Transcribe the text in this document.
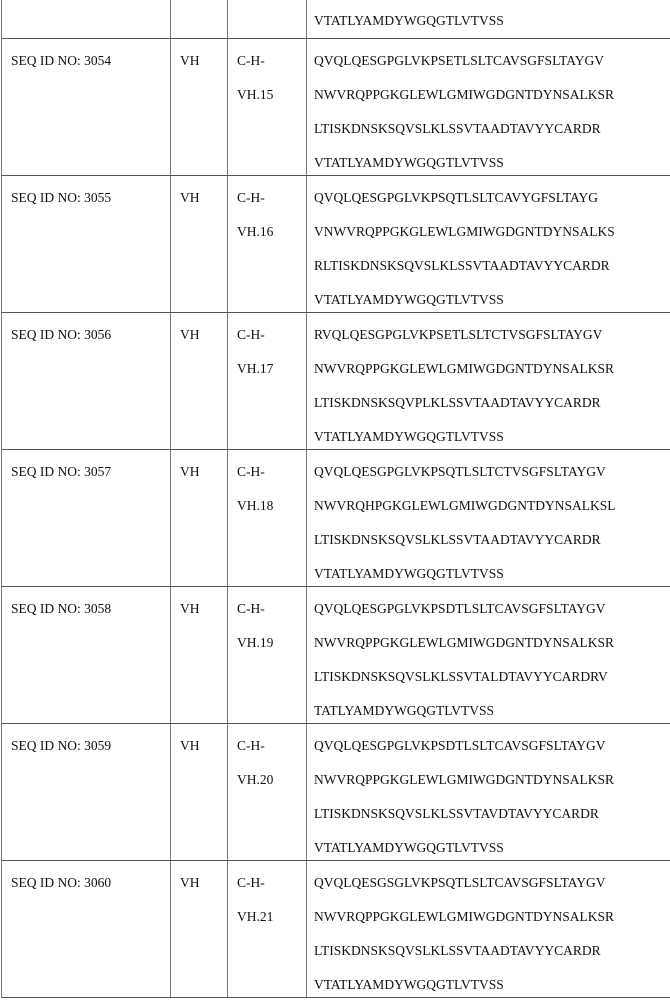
VTATLYAMDYWGQGTLVTVSS
SEQ ID NO: 3054	VH	C-H-
VH.15
QVQLQESGPGLVKPSETLSLTCAVSGFSLTAYGV
NWVRQPPGKGLEWLGMIWGDGNTDYNSALKSR
LTISKDNSKSQVSLKLSSVTAADTAVYYCARDR
VTATLYAMDYWGQGTLVTVSS
SEQ ID NO: 3055	VH	C-H-
VH.16
QVQLQESGPGLVKPSQTLSLTCAVYGFSLTAYG
VNWVRQPPGKGLEWLGMIWGDGNTDYNSALKS
RLTISKDNSKSQVSLKLSSVTAADTAVYYCARDR
VTATLYAMDYWGQGTLVTVSS
SEQ ID NO: 3056	VH	C-H-
VH.17
RVQLQESGPGLVKPSETLSLTCTVSGFSLTAYGV
NWVRQPPGKGLEWLGMIWGDGNTDYNSALKSR
LTISKDNSKSQVPLKLSSVTAADTAVYYCARDR
VTATLYAMDYWGQGTLVTVSS
SEQ ID NO: 3057	VH	C-H-
VH.18
QVQLQESGPGLVKPSQTLSLTCTVSGFSLTAYGV
NWVRQHPGKGLEWLGMIWGDGNTDYNSALKSL
LTISKDNSKSQVSLKLSSVTAADTAVYYCARDR
VTATLYAMDYWGQGTLVTVSS
SEQ ID NO: 3058	VH	C-H-
VH.19
QVQLQESGPGLVKPSDTLSLTCAVSGFSLTAYGV
NWVRQPPGKGLEWLGMIWGDGNTDYNSALKSR
LTISKDNSKSQVSLKLSSVTALDTAVYYCARDRV
TATLYAMDYWGQGTLVTVSS
SEQ ID NO: 3059	VH	C-H-
VH.20
QVQLQESGPGLVKPSDTLSLTCAVSGFSLTAYGV
NWVRQPPGKGLEWLGMIWGDGNTDYNSALKSR
LTISKDNSKSQVSLKLSSVTAVDTAVYYCARDR
VTATLYAMDYWGQGTLVTVSS
SEQ ID NO: 3060	VH	C-H-
VH.21
QVQLQESGSGLVKPSQTLSLTCAVSGFSLTAYGV
NWVRQPPGKGLEWLGMIWGDGNTDYNSALKSR
LTISKDNSKSQVSLKLSSVTAADTAVYYCARDR
VTATLYAMDYWGQGTLVTVSS
